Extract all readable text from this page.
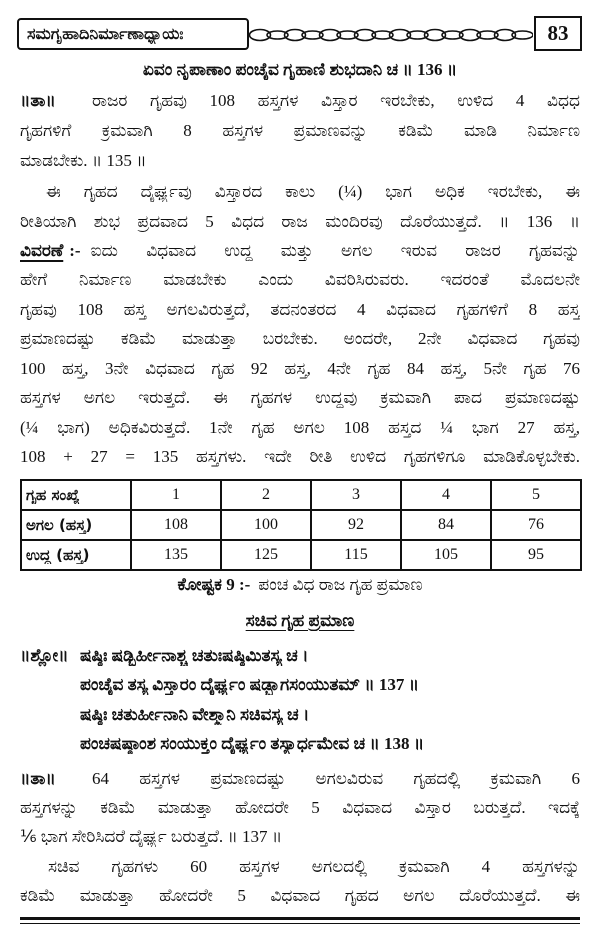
ಸಮಗೃಹಾದಿನಿರ್ಮಾಣಾಧ್ಯಾಯಃ	83
ಏವಂ ನೃಪಾಣಾಂ ಪಂಚೈವ ಗೃಹಾಣಿ ಶುಭದಾನಿ ಚ ॥ 136 ॥
॥ತಾ॥	ರಾಜರ ಗೃಹವು 108 ಹಸ್ತಗಳ ವಿಸ್ತಾರ ಇರಬೇಕು, ಉಳಿದ 4 ವಿಧಧ
ಗೃಹಗಳಿಗೆ ಕ್ರಮವಾಗಿ 8 ಹಸ್ತಗಳ ಪ್ರಮಾಣವನ್ನು ಕಡಿಮೆ ಮಾಡಿ ನಿರ್ಮಾಣ
ಮಾಡಬೇಕು. ॥ 135 ॥
ಈ ಗೃಹದ ದೈರ್ಘ್ಯವು ವಿಸ್ತಾರದ ಕಾಲು (¼) ಭಾಗ ಅಧಿಕ ಇರಬೇಕು, ಈ
ರೀತಿಯಾಗಿ ಶುಭ ಪ್ರದವಾದ 5 ವಿಧದ ರಾಜ ಮಂದಿರವು ದೊರೆಯುತ್ತದೆ. ॥ 136 ॥
ವಿವರಣೆ :- ಐದು ವಿಧವಾದ ಉದ್ದ ಮತ್ತು ಅಗಲ ಇರುವ ರಾಜರ ಗೃಹವನ್ನು
ಹೇಗೆ ನಿರ್ಮಾಣ ಮಾಡಬೇಕು ಎಂದು ವಿವರಿಸಿರುವರು. ಇದರಂತೆ ಮೊದಲನೇ
ಗೃಹವು 108 ಹಸ್ತ ಅಗಲವಿರುತ್ತದೆ, ತದನಂತರದ 4 ವಿಧವಾದ ಗೃಹಗಳಿಗೆ 8 ಹಸ್ತ
ಪ್ರಮಾಣದಷ್ಟು ಕಡಿಮೆ ಮಾಡುತ್ತಾ ಬರಬೇಕು. ಅಂದರೇ, 2ನೇ ವಿಧವಾದ ಗೃಹವು
100 ಹಸ್ತ, 3ನೇ ವಿಧವಾದ ಗೃಹ 92 ಹಸ್ತ, 4ನೇ ಗೃಹ 84 ಹಸ್ತ, 5ನೇ ಗೃಹ 76
ಹಸ್ತಗಳ ಅಗಲ ಇರುತ್ತದೆ. ಈ ಗೃಹಗಳ ಉದ್ದವು ಕ್ರಮವಾಗಿ ಪಾದ ಪ್ರಮಾಣದಷ್ಟು
(¼ ಭಾಗ) ಅಧಿಕವಿರುತ್ತದೆ. 1ನೇ ಗೃಹ ಅಗಲ 108 ಹಸ್ತದ ¼ ಭಾಗ 27 ಹಸ್ತ,
108 + 27 = 135 ಹಸ್ತಗಳು. ಇದೇ ರೀತಿ ಉಳಿದ ಗೃಹಗಳಿಗೂ ಮಾಡಿಕೊಳ್ಳಬೇಕು.
ಗೃಹ ಸಂಖ್ಯೆ	1	2	3	4	5

ಅಗಲ (ಹಸ್ತ)	108	100	92	84	76

ಉದ್ದ (ಹಸ್ತ)	135	125	115	105	95
ಕೋಷ್ಟಕ 9 :- ಪಂಚ ವಿಧ ರಾಜ ಗೃಹ ಪ್ರಮಾಣ
ಸಚಿವ ಗೃಹ ಪ್ರಮಾಣ
॥ಶ್ಲೋ॥ ಷಷ್ಠಿಃ ಷಡ್ಭಿರ್ಹೀನಾಶ್ಚ ಚತುಃಷಷ್ಠಿಮಿತಸ್ಯ ಚ ।
ಪಂಚೈವ ತಸ್ಯ ವಿಸ್ತಾರಂ ದೈರ್ಘ್ಯಂ ಷಡ್ಭಾಗಸಂಯುತಮ್ ॥ 137 ॥
ಷಷ್ಠಿಃ ಚತುರ್ಹೀನಾನಿ ವೇಶ್ಮಾನಿ ಸಚಿವಸ್ಯ ಚ ।
ಪಂಚಷಷ್ಠಾಂಶ ಸಂಯುಕ್ತಂ ದೈರ್ಘ್ಯಂ ತಸ್ಯಾರ್ಧಮೇವ ಚ ॥ 138 ॥
॥ತಾ॥	64 ಹಸ್ತಗಳ ಪ್ರಮಾಣದಷ್ಟು ಅಗಲವಿರುವ ಗೃಹದಲ್ಲಿ ಕ್ರಮವಾಗಿ 6
ಹಸ್ತಗಳನ್ನು ಕಡಿಮೆ ಮಾಡುತ್ತಾ ಹೋದರೇ 5 ವಿಧವಾದ ವಿಸ್ತಾರ ಬರುತ್ತದೆ. ಇದಕ್ಕೆ
⅙ ಭಾಗ ಸೇರಿಸಿದರೆ ದೈರ್ಘ್ಯ ಬರುತ್ತದೆ. ॥ 137 ॥
ಸಚಿವ ಗೃಹಗಳು 60 ಹಸ್ತಗಳ ಅಗಲದಲ್ಲಿ ಕ್ರಮವಾಗಿ 4 ಹಸ್ತಗಳನ್ನು
ಕಡಿಮೆ ಮಾಡುತ್ತಾ ಹೋದರೇ 5 ವಿಧವಾದ ಗೃಹದ ಅಗಲ ದೊರೆಯುತ್ತದೆ. ಈ
